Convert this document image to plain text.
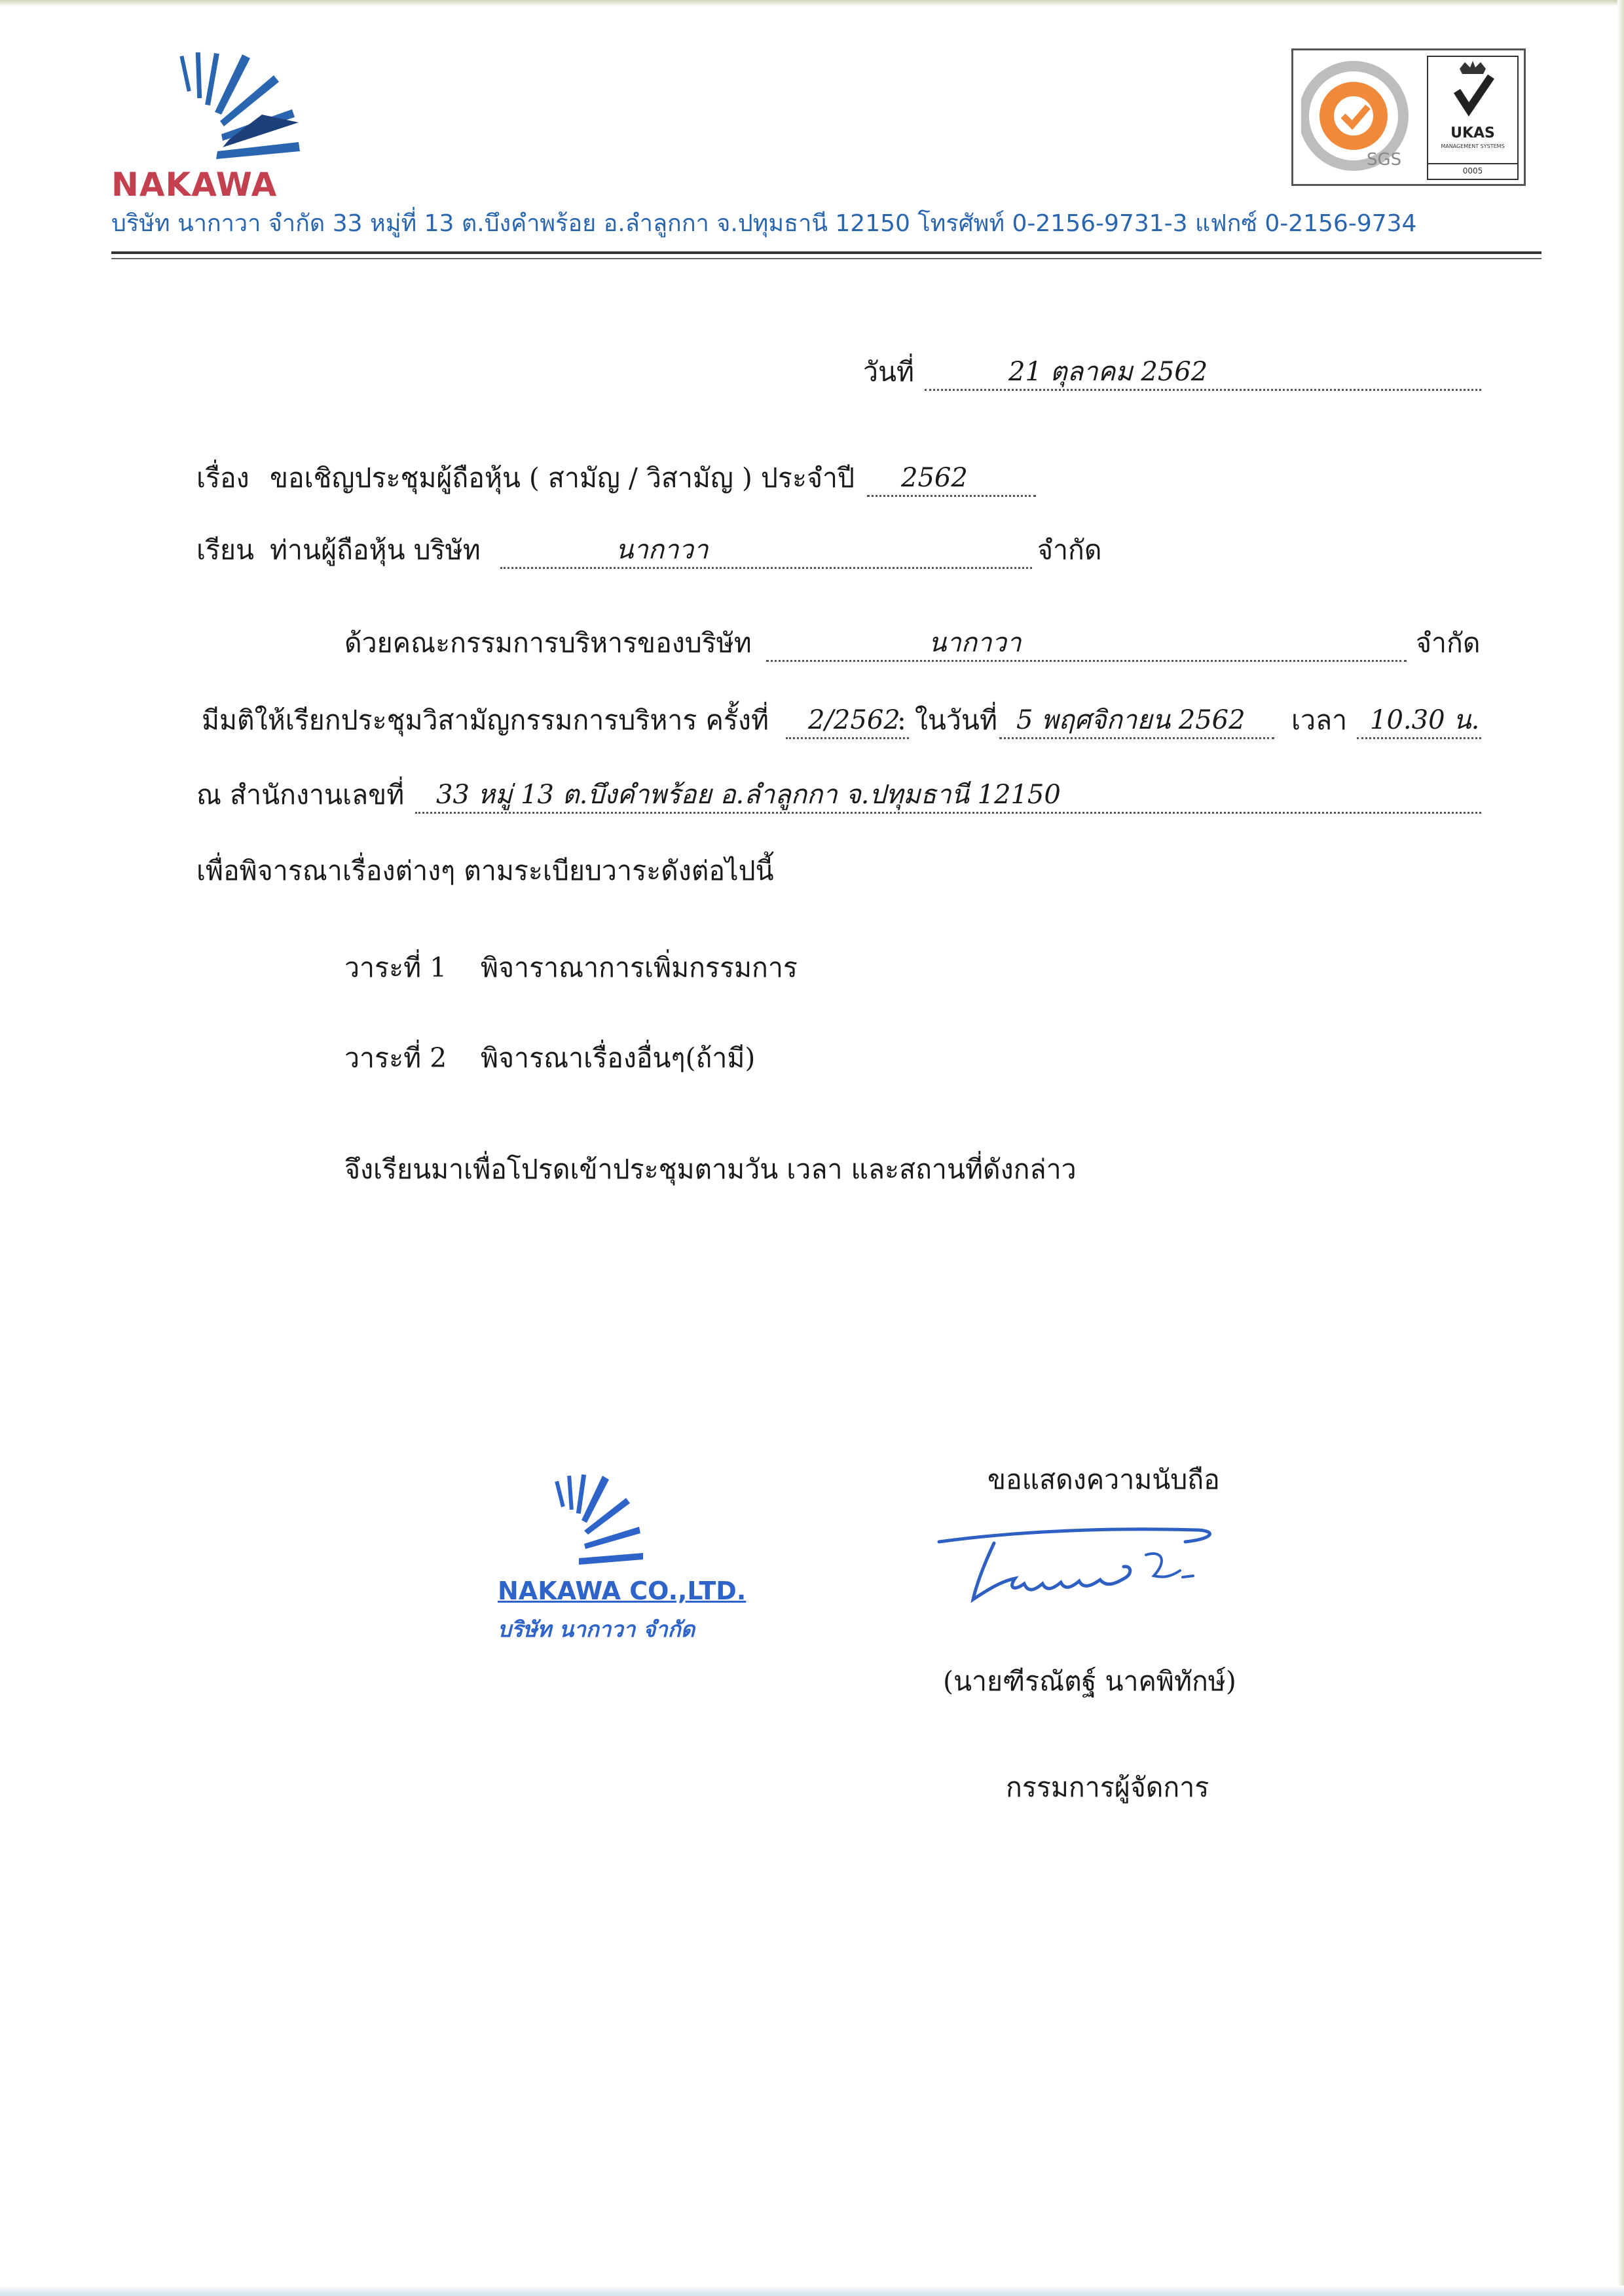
NAKAWA
SGS
UKAS
MANAGEMENT SYSTEMS
0005
บริษัท นากาวา จำกัด 33 หมู่ที่ 13 ต.บึงคำพร้อย อ.ลำลูกกา จ.ปทุมธานี 12150 โทรศัพท์ 0-2156-9731-3 แฟกซ์ 0-2156-9734
วันที่	21 ตุลาคม 2562
เรื่อง ขอเชิญประชุมผู้ถือหุ้น ( สามัญ / วิสามัญ ) ประจำปี	2562
เรียน ท่านผู้ถือหุ้น บริษัท	นากาวา	จำกัด
ด้วยคณะกรรมการบริหารของบริษัท	นากาวา	จำกัด
มีมติให้เรียกประชุมวิสามัญกรรมการบริหาร ครั้งที่	2/2562
: ในวันที่ 5 พฤศจิกายน 2562	เวลา 10.30 น.
ณ สำนักงานเลขที่	33 หมู่ 13 ต.บึงคำพร้อย อ.ลำลูกกา จ.ปทุมธานี 12150
เพื่อพิจารณาเรื่องต่างๆ ตามระเบียบวาระดังต่อไปนี้
วาระที่ 1 พิจาราณาการเพิ่มกรรมการ
วาระที่ 2 พิจารณาเรื่องอื่นๆ(ถ้ามี)
จึงเรียนมาเพื่อโปรดเข้าประชุมตามวัน เวลา และสถานที่ดังกล่าว
ขอแสดงความนับถือ
NAKAWA CO.,LTD.
บริษัท นากาวา จำกัด
(นายฑีรณัตฐ์ นาคพิทักษ์)
กรรมการผู้จัดการ
